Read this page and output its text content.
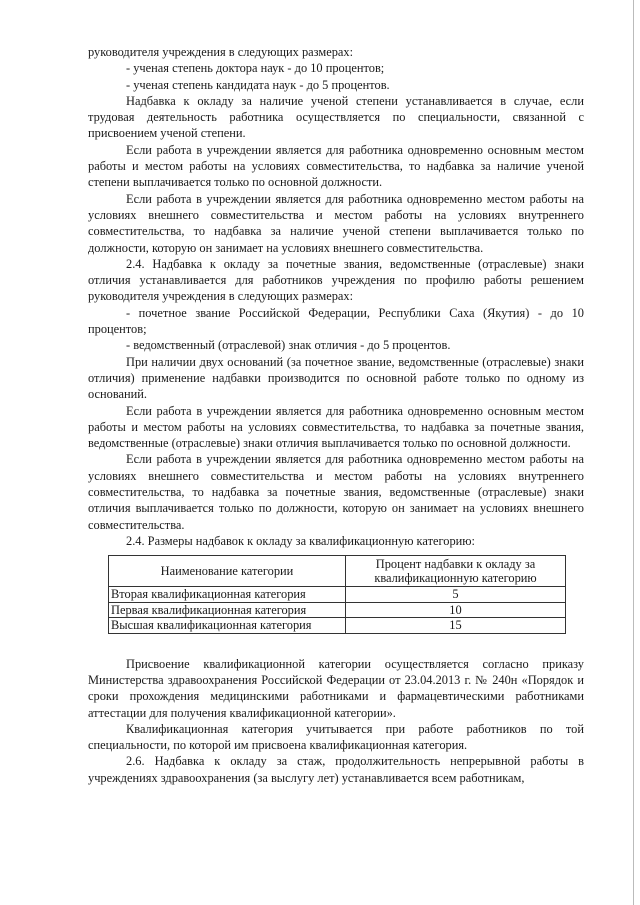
руководителя учреждения в следующих размерах:

- ученая степень доктора наук - до 10 процентов;

- ученая степень кандидата наук - до 5 процентов.

Надбавка к окладу за наличие ученой степени устанавливается в случае, если трудовая деятельность работника осуществляется по специальности, связанной с присвоением ученой степени.

Если работа в учреждении является для работника одновременно основным местом работы и местом работы на условиях совместительства, то надбавка за наличие ученой степени выплачивается только по основной должности.

Если работа в учреждении является для работника одновременно местом работы на условиях внешнего совместительства и местом работы на условиях внутреннего совместительства, то надбавка за наличие ученой степени выплачивается только по должности, которую он занимает на условиях внешнего совместительства.

2.4. Надбавка к окладу за почетные звания, ведомственные (отраслевые) знаки отличия устанавливается для работников учреждения по профилю работы решением руководителя учреждения в следующих размерах:

- почетное звание Российской Федерации, Республики Саха (Якутия) - до 10 процентов;

- ведомственный (отраслевой) знак отличия - до 5 процентов.

При наличии двух оснований (за почетное звание, ведомственные (отраслевые) знаки отличия) применение надбавки производится по основной работе только по одному из оснований.

Если работа в учреждении является для работника одновременно основным местом работы и местом работы на условиях совместительства, то надбавка за почетные звания, ведомственные (отраслевые) знаки отличия выплачивается только по основной должности.

Если работа в учреждении является для работника одновременно местом работы на условиях внешнего совместительства и местом работы на условиях внутреннего совместительства, то надбавка за почетные звания, ведомственные (отраслевые) знаки отличия выплачивается только по должности, которую он занимает на условиях внешнего совместительства.

2.4. Размеры надбавок к окладу за квалификационную категорию:

Наименование категории	Процент надбавки к окладу за квалификационную категорию
Вторая квалификационная категория	5
Первая квалификационная категория	10
Высшая квалификационная категория	15

Присвоение квалификационной категории осуществляется согласно приказу Министерства здравоохранения Российской Федерации от 23.04.2013 г. № 240н «Порядок и сроки прохождения медицинскими работниками и фармацевтическими работниками аттестации для получения квалификационной категории».

Квалификационная категория учитывается при работе работников по той специальности, по которой им присвоена квалификационная категория.

2.6. Надбавка к окладу за стаж, продолжительность непрерывной работы в учреждениях здравоохранения (за выслугу лет) устанавливается всем работникам,
